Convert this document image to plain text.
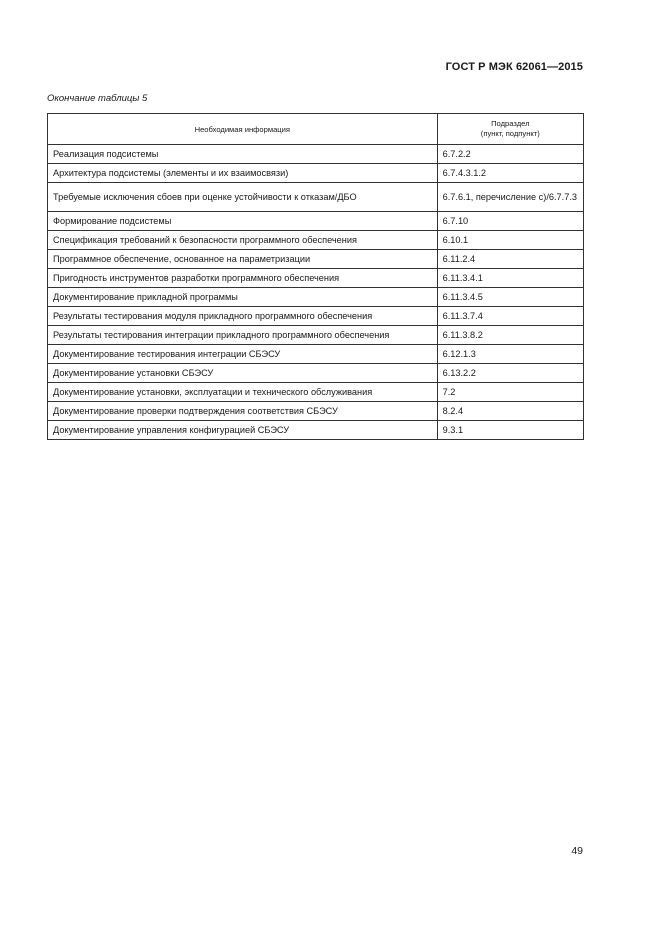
ГОСТ Р МЭК 62061—2015
Окончание таблицы 5
Необходимая информация	Подраздел
(пункт, подпункт)
Реализация подсистемы	6.7.2.2
Архитектура подсистемы (элементы и их взаимосвязи)	6.7.4.3.1.2
Требуемые исключения сбоев при оценке устойчивости к отказам/ДБО	6.7.6.1, перечисление с)/6.7.7.3
Формирование подсистемы	6.7.10
Спецификация требований к безопасности программного обеспечения	6.10.1
Программное обеспечение, основанное на параметризации	6.11.2.4
Пригодность инструментов разработки программного обеспечения	6.11.3.4.1
Документирование прикладной программы	6.11.3.4.5
Результаты тестирования модуля прикладного программного обеспечения	6.11.3.7.4
Результаты тестирования интеграции прикладного программного обеспечения	6.11.3.8.2
Документирование тестирования интеграции СБЭСУ	6.12.1.3
Документирование установки СБЭСУ	6.13.2.2
Документирование установки, эксплуатации и технического обслуживания	7.2
Документирование проверки подтверждения соответствия СБЭСУ	8.2.4
Документирование управления конфигурацией СБЭСУ	9.3.1
49
